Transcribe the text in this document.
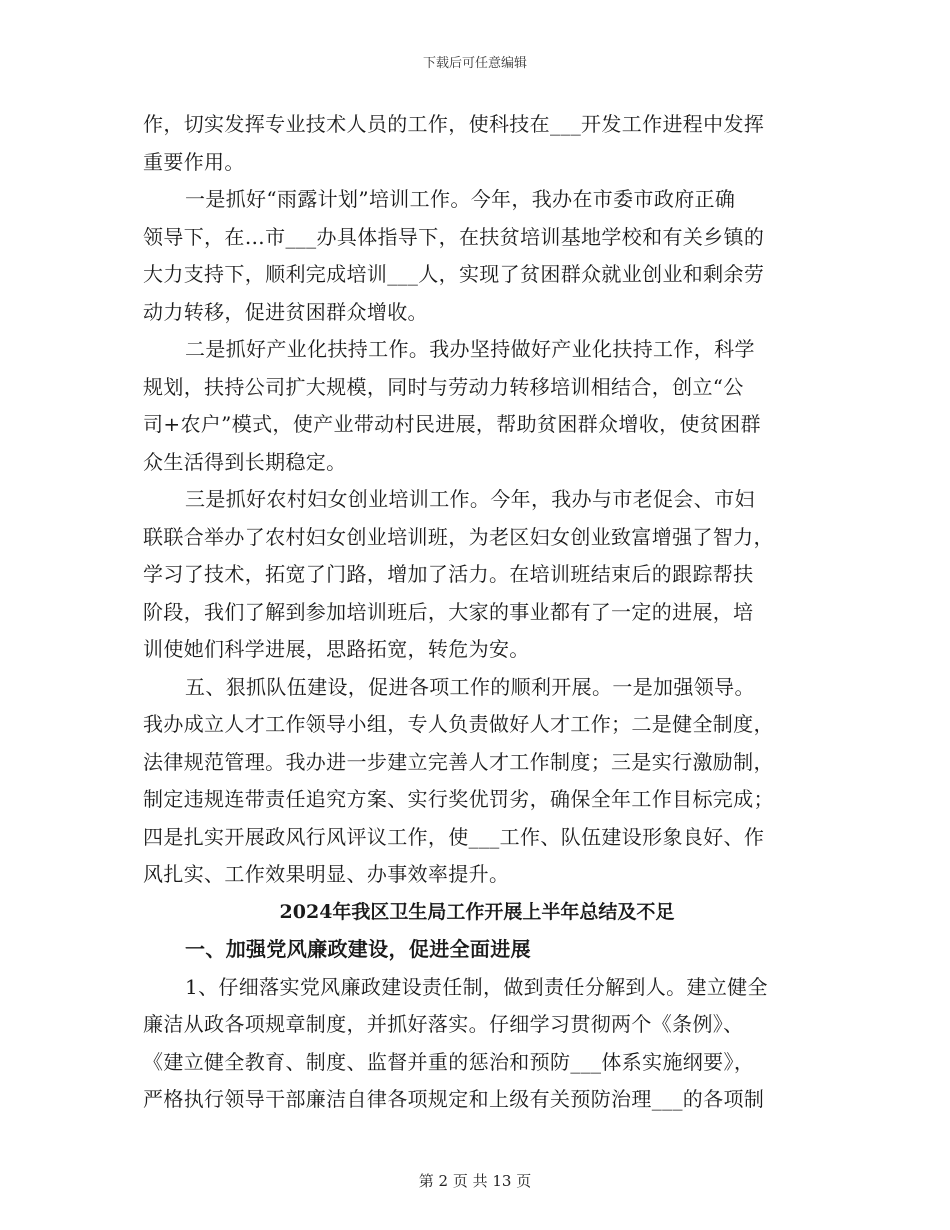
下载后可任意编辑
作，切实发挥专业技术人员的工作，使科技在___开发工作进程中发挥
重要作用。
一是抓好“雨露计划”培训工作。今年，我办在市委市政府正确
领导下，在…市___办具体指导下，在扶贫培训基地学校和有关乡镇的
大力支持下，顺利完成培训___人，实现了贫困群众就业创业和剩余劳
动力转移，促进贫困群众增收。
二是抓好产业化扶持工作。我办坚持做好产业化扶持工作，科学
规划，扶持公司扩大规模，同时与劳动力转移培训相结合，创立“公
司+农户”模式，使产业带动村民进展，帮助贫困群众增收，使贫困群
众生活得到长期稳定。
三是抓好农村妇女创业培训工作。今年，我办与市老促会、市妇
联联合举办了农村妇女创业培训班，为老区妇女创业致富增强了智力，
学习了技术，拓宽了门路，增加了活力。在培训班结束后的跟踪帮扶
阶段，我们了解到参加培训班后，大家的事业都有了一定的进展，培
训使她们科学进展，思路拓宽，转危为安。
五、狠抓队伍建设，促进各项工作的顺利开展。一是加强领导。
我办成立人才工作领导小组，专人负责做好人才工作；二是健全制度，
法律规范管理。我办进一步建立完善人才工作制度；三是实行激励制，
制定违规连带责任追究方案、实行奖优罚劣，确保全年工作目标完成；
四是扎实开展政风行风评议工作，使___工作、队伍建设形象良好、作
风扎实、工作效果明显、办事效率提升。
2024年我区卫生局工作开展上半年总结及不足
一、加强党风廉政建设，促进全面进展
1、仔细落实党风廉政建设责任制，做到责任分解到人。建立健全
廉洁从政各项规章制度，并抓好落实。仔细学习贯彻两个《条例》、
《建立健全教育、制度、监督并重的惩治和预防___体系实施纲要》，
严格执行领导干部廉洁自律各项规定和上级有关预防治理___的各项制
第 2 页 共 13 页
